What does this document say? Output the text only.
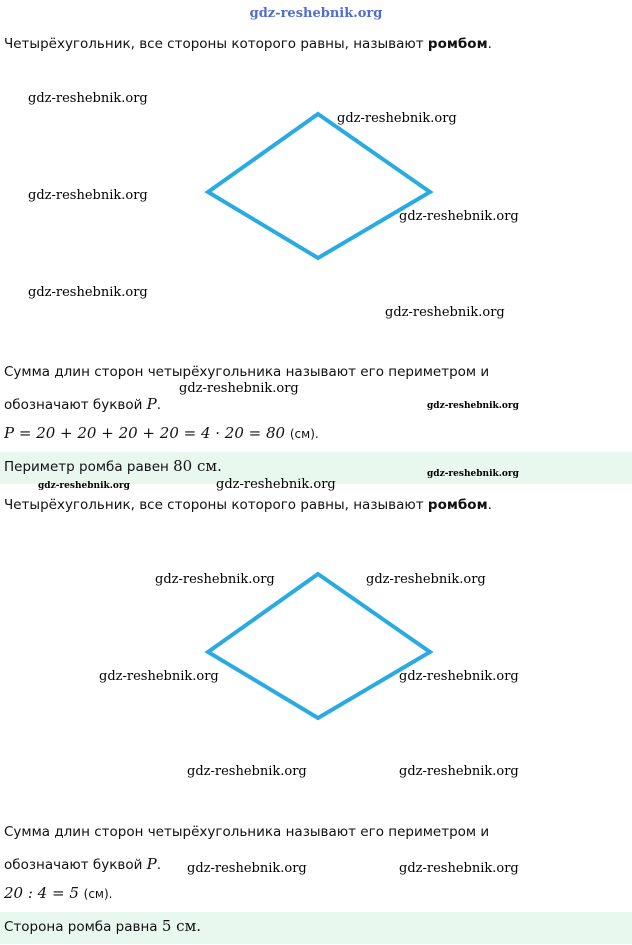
gdz-reshebnik.org
Четырёхугольник, все стороны которого равны, называют ромбом.
gdz-reshebnik.org
gdz-reshebnik.org
gdz-reshebnik.org
gdz-reshebnik.org
gdz-reshebnik.org
gdz-reshebnik.org
Сумма длин сторон четырёхугольника называют его периметром и
обозначают буквой P.
gdz-reshebnik.org
gdz-reshebnik.org
P = 20 + 20 + 20 + 20 = 4 · 20 = 80 (см).
Периметр ромба равен 80 см.	gdz-reshebnik.org
gdz-reshebnik.org	gdz-reshebnik.org
Четырёхугольник, все стороны которого равны, называют ромбом.
gdz-reshebnik.org	gdz-reshebnik.org
gdz-reshebnik.org	gdz-reshebnik.org
gdz-reshebnik.org	gdz-reshebnik.org
Сумма длин сторон четырёхугольника называют его периметром и
обозначают буквой P. gdz-reshebnik.org	gdz-reshebnik.org
20 : 4 = 5 (см).
Сторона ромба равна 5 см.
